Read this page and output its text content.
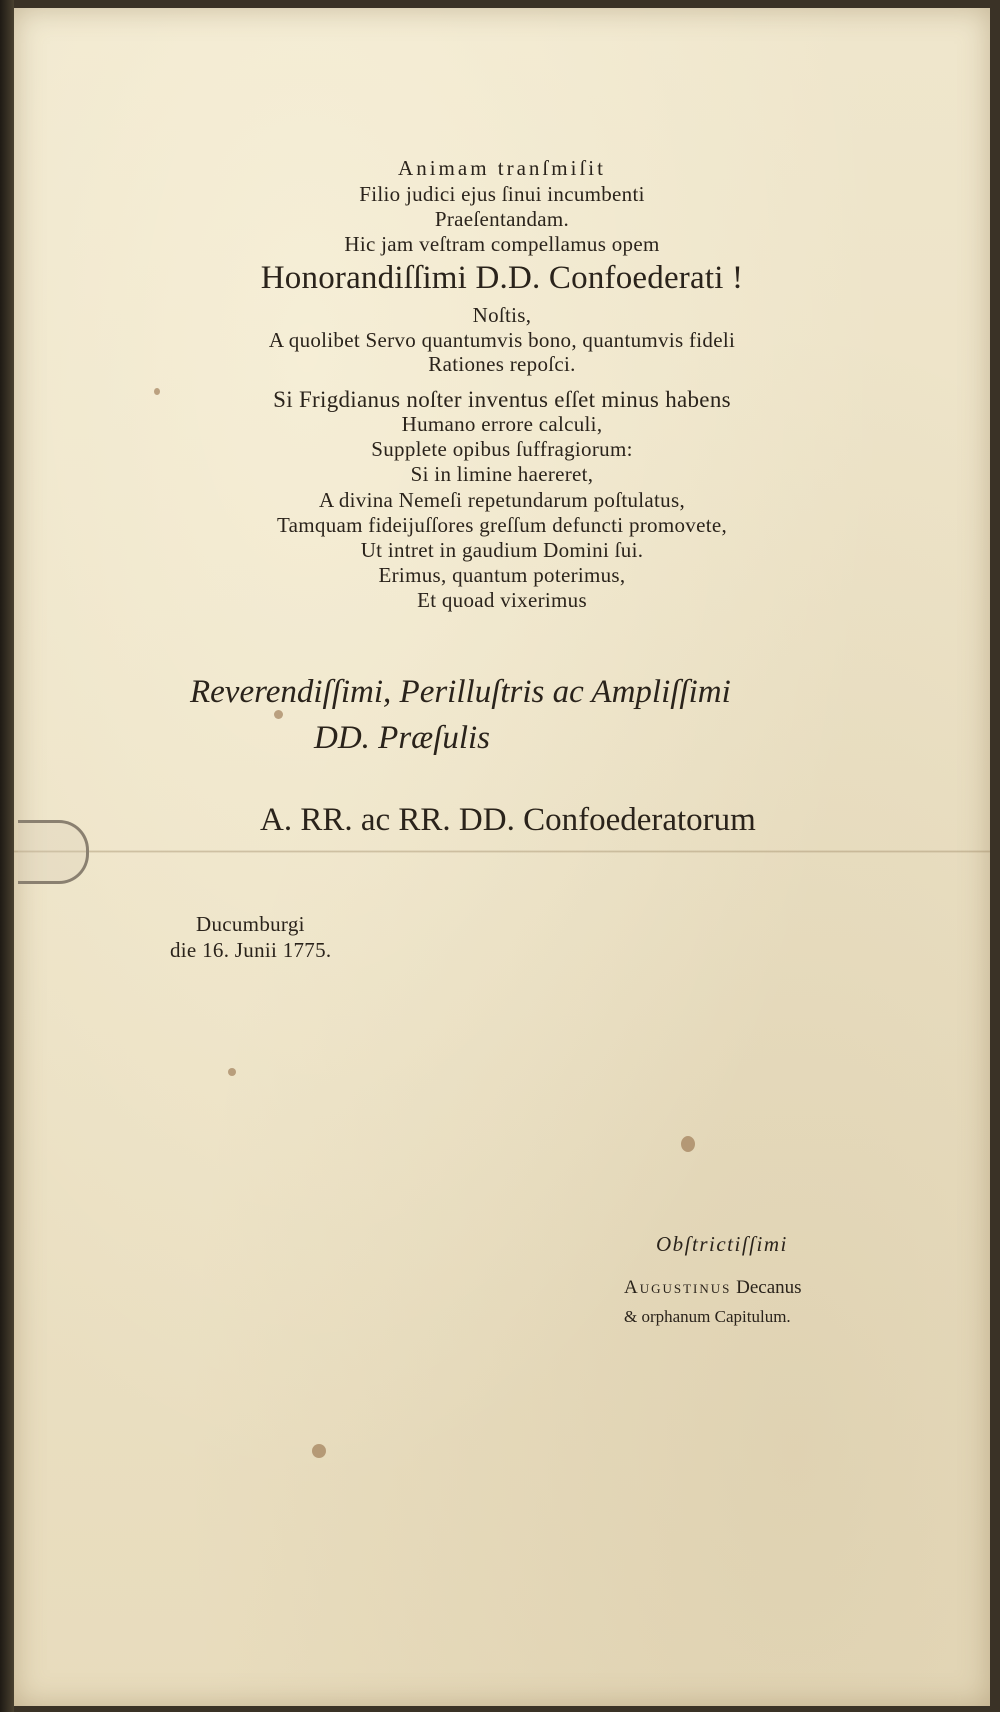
Animam tranſmiſit
Filio judici ejus ſinui incumbenti
Praeſentandam.
Hic jam veſtram compellamus opem
Honorandiſſimi D.D. Confoederati !
Noſtis,
A quolibet Servo quantumvis bono, quantumvis fideli
Rationes repoſci.
Si Frigdianus noſter inventus eſſet minus habens
Humano errore calculi,
Supplete opibus ſuffragiorum:
Si in limine haereret,
A divina Nemeſi repetundarum poſtulatus,
Tamquam fideijuſſores greſſum defuncti promovete,
Ut intret in gaudium Domini ſui.
Erimus, quantum poterimus,
Et quoad vixerimus
Reverendiſſimi, Perilluſtris ac Ampliſſimi
DD. Præſulis
A. RR. ac RR. DD. Confoederatorum
Ducumburgi
die 16. Junii 1775.
Obſtrictiſſimi
Augustinus Decanus
& orphanum Capitulum.
